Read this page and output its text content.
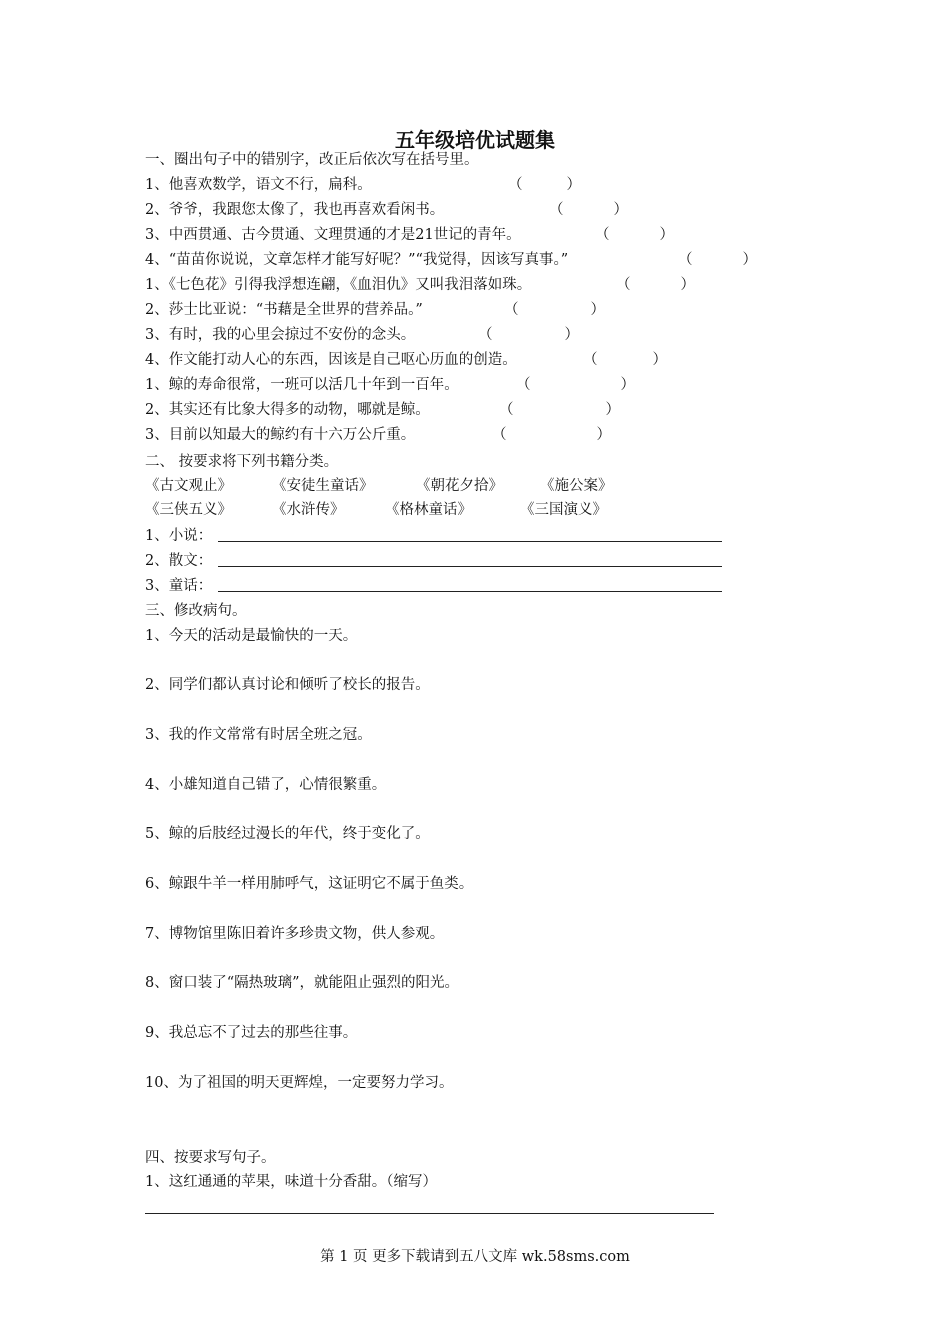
五年级培优试题集
一、圈出句子中的错别字，改正后依次写在括号里。
1、他喜欢数学，语文不行，扁科。	（	）
2、爷爷，我跟您太像了，我也再喜欢看闲书。	（	）
3、中西贯通、古今贯通、文理贯通的才是21世记的青年。	（	）
4、“苗苗你说说，文章怎样才能写好呢？”“我觉得，因该写真事。”	（	）
1、《七色花》引得我浮想连翩，《血泪仇》又叫我泪落如珠。	（	）
2、莎士比亚说：“书藉是全世界的营养品。”	（	）
3、有时，我的心里会掠过不安份的念头。	（	）
4、作文能打动人心的东西，因该是自己呕心历血的创造。	（	）
1、鲸的寿命很常，一班可以活几十年到一百年。	（	）
2、其实还有比象大得多的动物，哪就是鲸。	（	）
3、目前以知最大的鲸约有十六万公斤重。	（	）
二、 按要求将下列书籍分类。
《古文观止》	《安徒生童话》	《朝花夕拾》	《施公案》
《三侠五义》	《水浒传》	《格林童话》	《三国演义》
1、小说：
2、散文：
3、童话：
三、修改病句。
1、今天的活动是最愉快的一天。
2、同学们都认真讨论和倾听了校长的报告。
3、我的作文常常有时居全班之冠。
4、小雄知道自己错了，心情很繁重。
5、鲸的后肢经过漫长的年代，终于变化了。
6、鲸跟牛羊一样用肺呼气，这证明它不属于鱼类。
7、博物馆里陈旧着许多珍贵文物，供人参观。
8、窗口装了“隔热玻璃”，就能阻止强烈的阳光。
9、我总忘不了过去的那些往事。
10、为了祖国的明天更辉煌，一定要努力学习。
四、按要求写句子。
1、这红通通的苹果，味道十分香甜。（缩写）
第 1 页 更多下载请到五八文库 wk.58sms.com
